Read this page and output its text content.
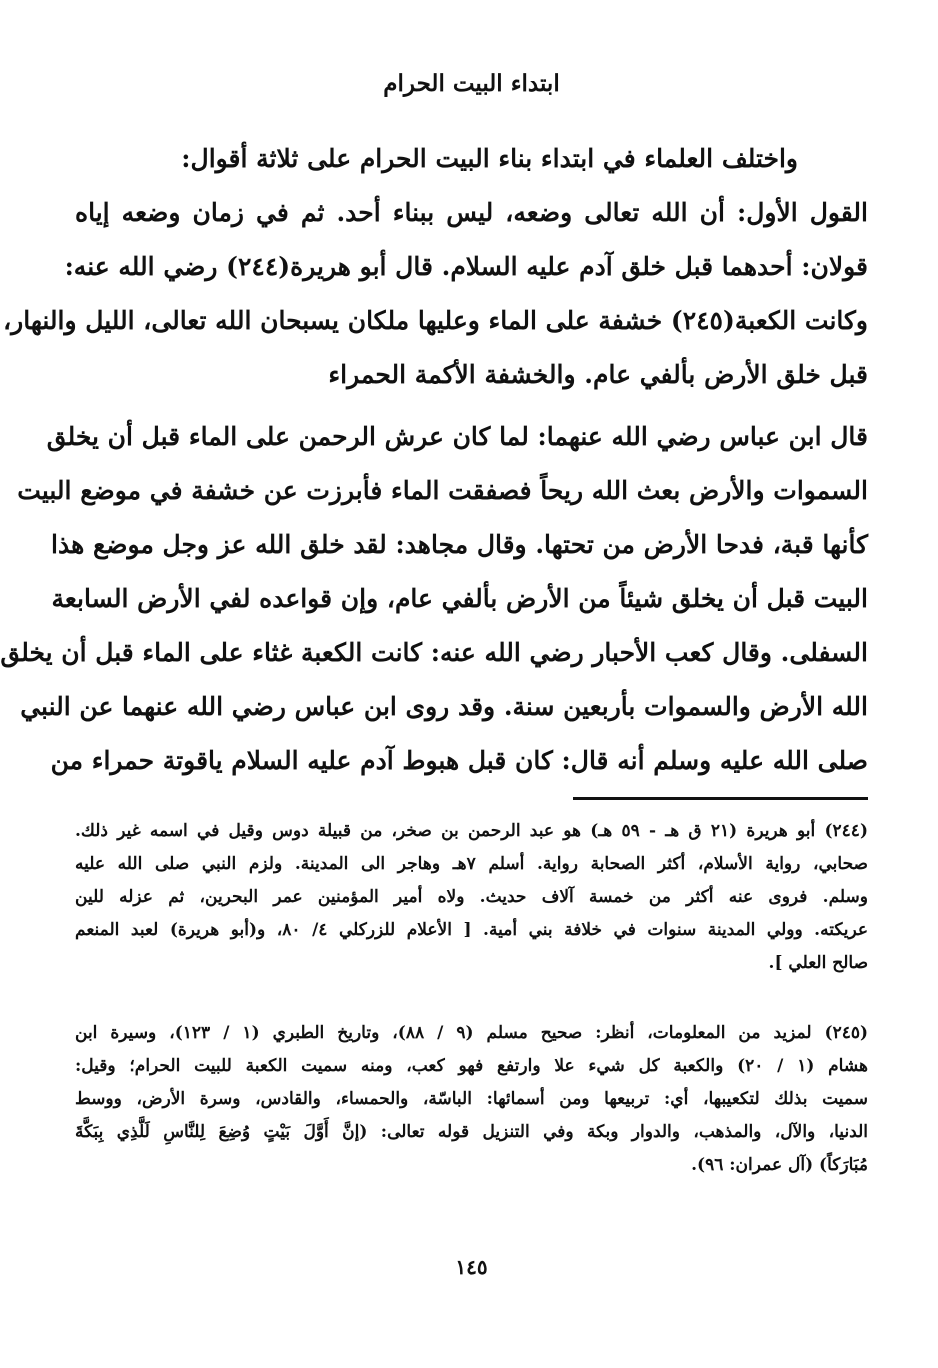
ابتداء البيت الحرام
واختلف العلماء في ابتداء بناء البيت الحرام على ثلاثة أقوال:
القول الأول: أن الله تعالى وضعه، ليس ببناء أحد. ثم في زمان وضعه إياه
قولان: أحدهما قبل خلق آدم عليه السلام. قال أبو هريرة(٢٤٤) رضي الله عنه:
وكانت الكعبة(٢٤٥) خشفة على الماء وعليها ملكان يسبحان الله تعالى، الليل والنهار،
قبل خلق الأرض بألفي عام. والخشفة الأكمة الحمراء
قال ابن عباس رضي الله عنهما: لما كان عرش الرحمن على الماء قبل أن يخلق
السموات والأرض بعث الله ريحاً فصفقت الماء فأبرزت عن خشفة في موضع البيت
كأنها قبة، فدحا الأرض من تحتها. وقال مجاهد: لقد خلق الله عز وجل موضع هذا
البيت قبل أن يخلق شيئاً من الأرض بألفي عام، وإن قواعده لفي الأرض السابعة
السفلى. وقال كعب الأحبار رضي الله عنه: كانت الكعبة غثاء على الماء قبل أن يخلق
الله الأرض والسموات بأربعين سنة. وقد روى ابن عباس رضي الله عنهما عن النبي
صلى الله عليه وسلم أنه قال: كان قبل هبوط آدم عليه السلام ياقوتة حمراء من
(٢٤٤) أبو هريرة (٢١ ق هـ - ٥٩ هـ) هو عبد الرحمن بن صخر، من قبيلة دوس وقيل في اسمه غير ذلك.
صحابي، رواية الأسلام، أكثر الصحابة رواية. أسلم ٧هـ وهاجر الى المدينة. ولزم النبي صلى الله عليه
وسلم. فروى عنه أكثر من خمسة آلاف حديث. ولاه أمير المؤمنين عمر البحرين، ثم عزله للين
عريكته. وولي المدينة سنوات في خلافة بني أمية. [ الأعلام للزركلي ٤/ ٨٠، و(أبو هريرة) لعبد المنعم
صالح العلي ].
(٢٤٥) لمزيد من المعلومات، أنظر: صحيح مسلم (٩ / ٨٨)، وتاريخ الطبري (١ / ١٢٣)، وسيرة ابن
هشام (١ / ٢٠) والكعبة كل شيء علا وارتفع فهو كعب، ومنه سميت الكعبة للبيت الحرام؛ وقيل:
سميت بذلك لتكعيبها، أي: تربيعها ومن أسمائها: الباسّة، والحمساء، والقادس، وسرة الأرض، ووسط
الدنيا، والآل، والمذهب، والدوار وبكة وفي التنزيل قوله تعالى: (إنَّ أَوَّلَ بَيْتٍ وُضِعَ لِلنَّاسِ لَلَّذِي بِبَكَّةَ
مُبَارَكاً) (آل عمران: ٩٦).
١٤٥
